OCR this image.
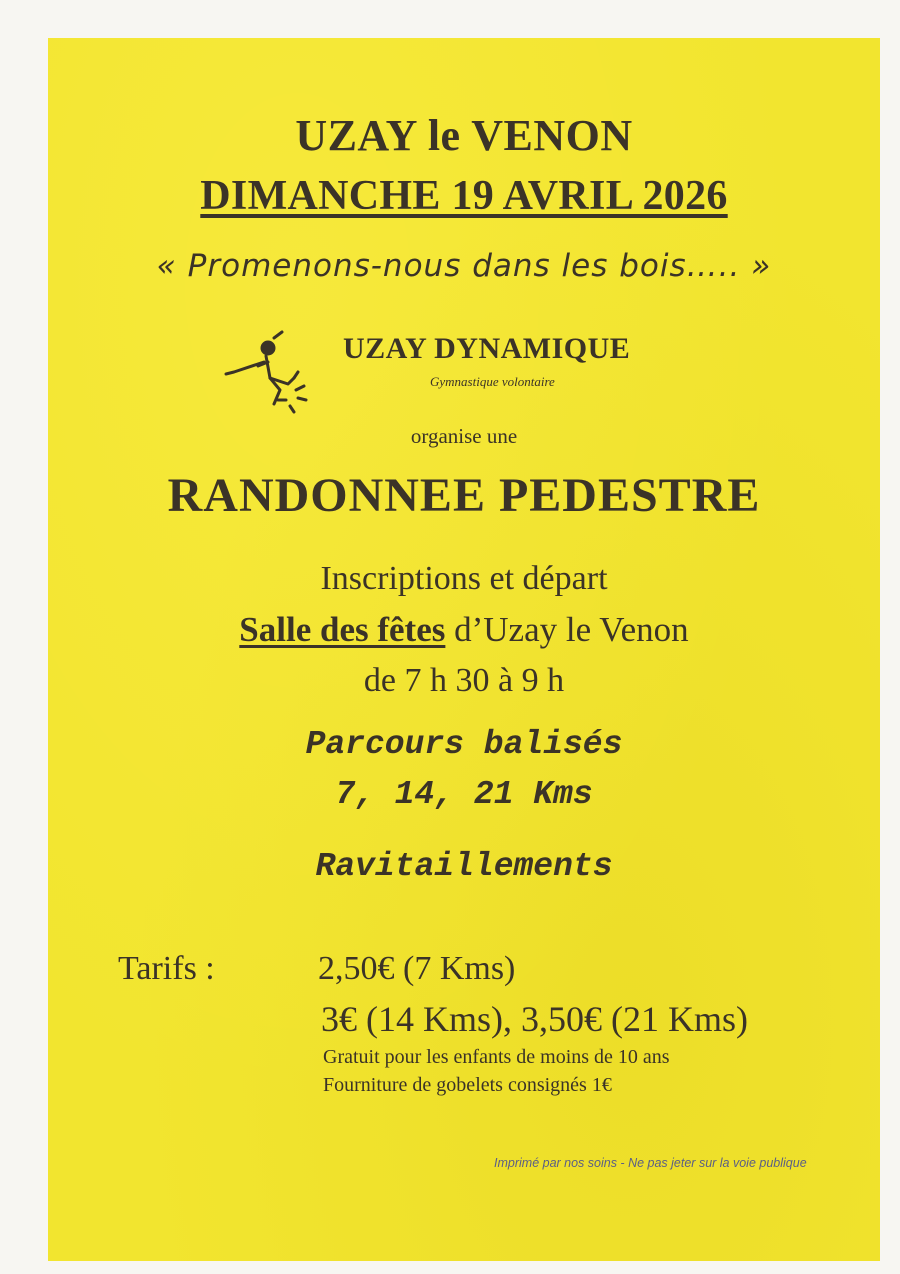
UZAY le VENON
DIMANCHE 19 AVRIL 2026
« Promenons-nous dans les bois….. »
UZAY DYNAMIQUE
Gymnastique volontaire
organise une
RANDONNEE PEDESTRE
Inscriptions et départ
Salle des fêtes d’Uzay le Venon
de 7 h 30 à 9 h
Parcours balisés
7, 14, 21 Kms
Ravitaillements
Tarifs :	2,50€ (7 Kms)
3€ (14 Kms), 3,50€ (21 Kms)
Gratuit pour les enfants de moins de 10 ans
Fourniture de gobelets consignés 1€
Imprimé par nos soins - Ne pas jeter sur la voie publique
